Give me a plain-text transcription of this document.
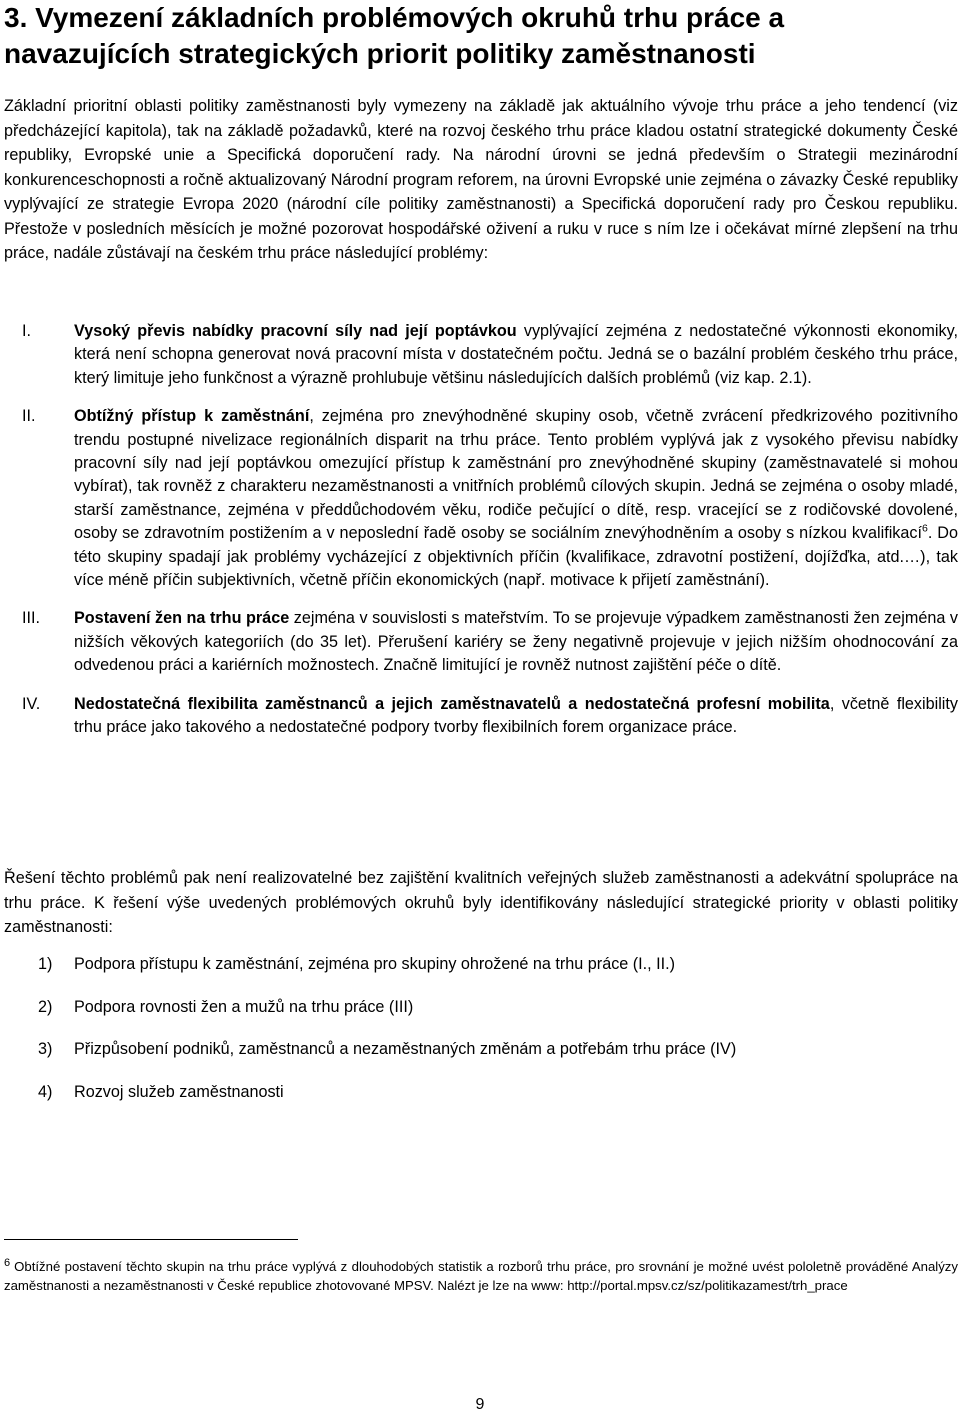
3. Vymezení základních problémových okruhů trhu práce a navazujících strategických priorit politiky zaměstnanosti

Základní prioritní oblasti politiky zaměstnanosti byly vymezeny na základě jak aktuálního vývoje trhu práce a jeho tendencí (viz předcházející kapitola), tak na základě požadavků, které na rozvoj českého trhu práce kladou ostatní strategické dokumenty České republiky, Evropské unie a Specifická doporučení rady. Na národní úrovni se jedná především o Strategii mezinárodní konkurenceschopnosti a ročně aktualizovaný Národní program reforem, na úrovni Evropské unie zejména o závazky České republiky vyplývající ze strategie Evropa 2020 (národní cíle politiky zaměstnanosti) a Specifická doporučení rady pro Českou republiku. Přestože v posledních měsících je možné pozorovat hospodářské oživení a ruku v ruce s ním lze i očekávat mírné zlepšení na trhu práce, nadále zůstávají na českém trhu práce následující problémy:

I.	Vysoký převis nabídky pracovní síly nad její poptávkou vyplývající zejména z nedostatečné výkonnosti ekonomiky, která není schopna generovat nová pracovní místa v dostatečném počtu. Jedná se o bazální problém českého trhu práce, který limituje jeho funkčnost a výrazně prohlubuje většinu následujících dalších problémů (viz kap. 2.1).
II. Obtížný přístup k zaměstnání, zejména pro znevýhodněné skupiny osob, včetně zvrácení předkrizového pozitivního trendu postupné nivelizace regionálních disparit na trhu práce. Tento problém vyplývá jak z vysokého převisu nabídky pracovní síly nad její poptávkou omezující přístup k zaměstnání pro znevýhodněné skupiny (zaměstnavatelé si mohou vybírat), tak rovněž z charakteru nezaměstnanosti a vnitřních problémů cílových skupin. Jedná se zejména o osoby mladé, starší zaměstnance, zejména v předdůchodovém věku, rodiče pečující o dítě, resp. vracející se z rodičovské dovolené, osoby se zdravotním postižením a v neposlední řadě osoby se sociálním znevýhodněním a osoby s nízkou kvalifikací$^6$. Do této skupiny spadají jak problémy vycházející z objektivních příčin (kvalifikace, zdravotní postižení, dojížďka, atd.…), tak více méně příčin subjektivních, včetně příčin ekonomických (např. motivace k přijetí zaměstnání).
III. Postavení žen na trhu práce zejména v souvislosti s mateřstvím. To se projevuje výpadkem zaměstnanosti žen zejména v nižších věkových kategoriích (do 35 let). Přerušení kariéry se ženy negativně projevuje v jejich nižším ohodnocování za odvedenou práci a kariérních možnostech. Značně limitující je rovněž nutnost zajištění péče o dítě.
IV. Nedostatečná flexibilita zaměstnanců a jejich zaměstnavatelů a nedostatečná profesní mobilita, včetně flexibility trhu práce jako takového a nedostatečné podpory tvorby flexibilních forem organizace práce.

Řešení těchto problémů pak není realizovatelné bez zajištění kvalitních veřejných služeb zaměstnanosti a adekvátní spolupráce na trhu práce. K řešení výše uvedených problémových okruhů byly identifikovány následující strategické priority v oblasti politiky zaměstnanosti:

1) Podpora přístupu k zaměstnání, zejména pro skupiny ohrožené na trhu práce (I., II.)
2) Podpora rovnosti žen a mužů na trhu práce (III)
3) Přizpůsobení podniků, zaměstnanců a nezaměstnaných změnám a potřebám trhu práce (IV)
4) Rozvoj služeb zaměstnanosti

$^6$ Obtížné postavení těchto skupin na trhu práce vyplývá z dlouhodobých statistik a rozborů trhu práce, pro srovnání je možné uvést pololetně prováděné Analýzy zaměstnanosti a nezaměstnanosti v České republice zhotovované MPSV. Nalézt je lze na www: http://portal.mpsv.cz/sz/politikazamest/trh_prace

9
